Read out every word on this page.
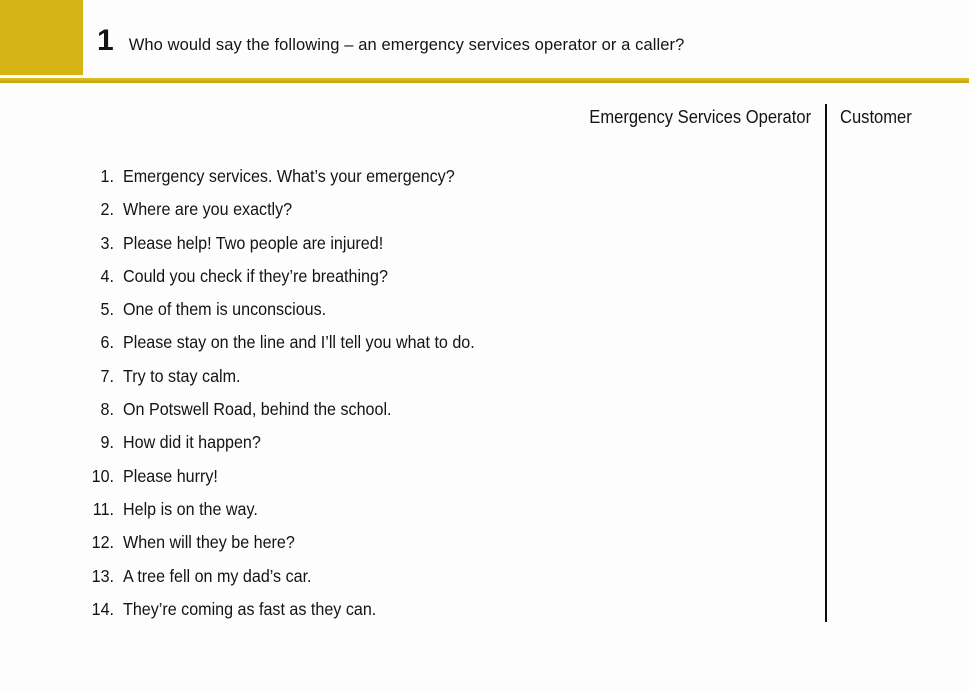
1 Who would say the following – an emergency services operator or a caller?
Emergency Services Operator Customer
1. Emergency services. What’s your emergency?
2. Where are you exactly?
3. Please help! Two people are injured!
4. Could you check if they’re breathing?
5. One of them is unconscious.
6. Please stay on the line and I’ll tell you what to do.
7. Try to stay calm.
8. On Potswell Road, behind the school.
9. How did it happen?
10. Please hurry!
11. Help is on the way.
12. When will they be here?
13. A tree fell on my dad’s car.
14. They’re coming as fast as they can.
